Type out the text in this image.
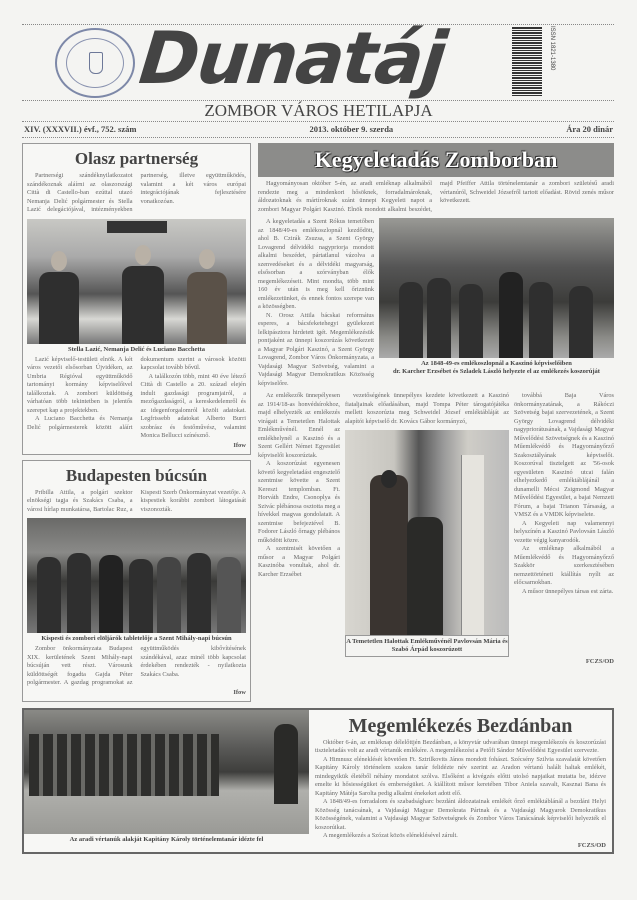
Dunatáj	ISSN 1821-1380
ZOMBOR VÁROS HETILAPJA
XIV. (XXXVII.) évf., 752. szám	2013. október 9. szerda	Ára 20 dinár
Olasz partnerség

Partnerségi szándéknyilatkozatot szándékoznak aláírni az olaszországi Città di Castello-ban ezúttal utazó Nemanja Delić polgármester és Stella Lazić delegációjával, intézményekben partnerség, illetve együttműködés, valamint a két város európai integrációjának fejlesztésére vonatkozóan.

Stella Lazić, Nemanja Delić és Luciano Bacchetta

Lazić képviselő-testületi elnök. A két város vezetői elsősorban Újvidéken, az Umbria Régióval együttműködő tartományi kormány képviselőivel találkoztak. A zombori küldöttség várhatóan több tekintetben is jelentős szerepet kap a projektekben.

A Luciano Bacchetta és Nemanja Delić polgármesterek között aláírt dokumentum szerint a városok közötti kapcsolat tovább bővül.

A találkozón több, mint 40 éve létező Città di Castello a 20. század elején indult gazdasági programjairól, a mezőgazdaságról, a kereskedelemről és az idegenforgalomról közölt adatokat. Legfrissebb adatokat Alberto Burri szobrász és festőművész, valamint Monica Bellucci színésznő.

Ifow
Budapesten búcsún

Pribilla Attila, a polgári szektor elnökségi tagja és Szakács Csaba, a városi hírlap munkatársa, Bartolac Ruz, a Kispesti Szerb Önkormányzat vezetője. A kispestiek korábbi zombori látogatását viszonozták.

Kispesti és zombori elöljárók tabletelője a Szent Mihály-napi búcsún

Zombor önkormányzata Budapest XIX. kerületének Szent Mihály-napi búcsúján vett részt. Városunk küldöttségét fogadta Gajda Péter polgármester. A gazdag programokat az együttműködés kibővítésének szándékával, azaz minél több kapcsolat érdekében rendezték - nyilatkozta Szakács Csaba.

Ifow
Kegyeletadás Zomborban

Hagyományosan október 5-én, az aradi emléknap alkalmából rendezte meg a mindenkori hősöknek, forradalmároknak, áldozatoknak és mártíroknak szánt ünnepi Kegyeleti napot a zombori Magyar Polgári Kaszinó. Elnök mondott alkalmi beszédet, majd Pfeiffer Attila történelemtanár a zombori születésű aradi vértanúról, Schweidel Józsefről tartott előadást. Rövid zenés műsor következett.

A kegyeletadás a Szent Rókus temetőben az 1848/49-es emlékoszlopnál kezdődött, ahol B. Czirák Zsuzsa, a Szent György Lovagrend délvidéki nagypriorja mondott alkalmi beszédet, pártatlanul vázolva a szenvedéseket és a délvidéki magyarság, elsősorban a szórványban élők megemlékezéseit. Mint mondta, több mint 160 év után is meg kell őriznünk emlékezetünket, és ennek fontos szerepe van a közösségben.

N. Orosz Attila bácskai református esperes, a bácsfeketehegyi gyülekezet lelkipásztora hirdetett igét. Megemlékezésük pontjaként az ünnepi koszorúzás következett a Magyar Polgári Kaszinó, a Szent György Lovagrend, Zombor Város Önkormányzata, a Vajdasági Magyar Szövetség, valamint a Vajdasági Magyar Demokratikus Közösség képviselőre.

Az 1848-49-es emlékoszlopnál a Kaszinó képviselőiben
dr. Karcher Erzsébet és Szladek László helyezte el az emlékezés koszorúját

Az emlékezők ünnepélyesen az 1914/18-as honvédsírokhoz, majd elhelyezték az emlékezés virágait a Temetetlen Halottak Emlékművénél. Ennél az emlékhelynél a Kaszinó és a Szent Gellért Német Egyesület képviselői koszorúztak.

A koszorúzást egyenesen követő kegyeletadást engesztelő szentmise követte a Szent Kereszt templomban. Ft. Horváth Endre, Csonoplya és Szivác plébánosa osztotta meg a hívekkel magvas gondolatait. A szentmise befejeztével B. Fodorer László őrnagy plébános működött közre.

A szentmisét követően a műsor a Magyar Polgári Kaszinóba vonultak, ahol dr. Karcher Erzsébet

vezetőségének ünnepélyes kezdete következett a Kaszinó fiataljainak előadásában, majd Tompa Péter tárogatójátéka mellett koszorúzta meg Schweidel József emléktábláját az alapítói képviselő dr. Kovács Gábor kormányzó,

A Temetetlen Halottak Emlékművénél Pavlovsán Mária és Szabó Árpád koszorúzott

továbbá Baja Város önkormányzatának, a Rákóczi Szövetség bajai szervezetének, a Szent György Lovagrend délvidéki nagypriorátusának, a Vajdasági Magyar Művelődési Szövetségnek és a Kaszinó Műemlékvédő és Hagyományőrző Szakosztályának képviselői. Koszorúval tisztelgett az '56-osok egyesületen Kaszinó utcai falán elhelyezkedő emléktáblájánál a dunamelli Mécsi Zsigmond Magyar Művelődési Egyesület, a bajai Nemzeti Fórum, a bajai Trianon Társaság, a VMSZ és a VMDK képviselete.

A Kegyeleti nap valamennyi helyszínén a Kaszinó Pavlovsán László vezette végig kanyarodók.

Az emléknap alkalmából a Műemlékvédő és Hagyományőrző Szakkör szerkesztésében nemzettörténeti kiállítás nyílt az előcsarnokban.

A műsor ünnepélyes társas est zárta.

FCZS/OD
Az aradi vértanúk alakját Kapitány Károly történelemtanár idézte fel
Megemlékezés Bezdánban

Október 6-án, az emléknap délelőttjén Bezdánban, a könyvtár udvarában ünnepi megemlékezés és koszorúzási tiszteletadás volt az aradi vértanúk emlékére. A megemlékezést a Petőfi Sándor Művelődési Egyesület szervezte.

A Himnusz eléneklését követően Ft. Sztrilkovits János mondott fohászt. Szécsény Szilvia szavalatát követően Kapitány Károly történelem szakos tanár felidézte név szerint az Aradon vértanú halált haltak emlékét, mindegyikük életéből néhány mondatot szólva. Elsőként a kivégzés előtti utolsó napjaikat mutatta be, idézve emelte ki hősiességüket és emberségüket. A kiállított műsor keretében Tibor Aniela szavalt, Kasznai Bana és Kapitány Mátéja Sarolta pedig alkalmi énekeket adott elő.

A 1848/49-es forradalom és szabadságharc bezdáni áldozatainak emlékét őrző emléktáblánál a bezdáni Helyi Közösség tanácsának, a Vajdasági Magyar Demokrata Pártnak és a Vajdasági Magyarok Demokratikus Közösségének, valamint a Vajdasági Magyar Szövetségnek és Zombor Város Tanácsának képviselői helyezték el koszorúikat.

A megemlékezés a Szózat közös eléneklésével zárult.

FCZS/OD
